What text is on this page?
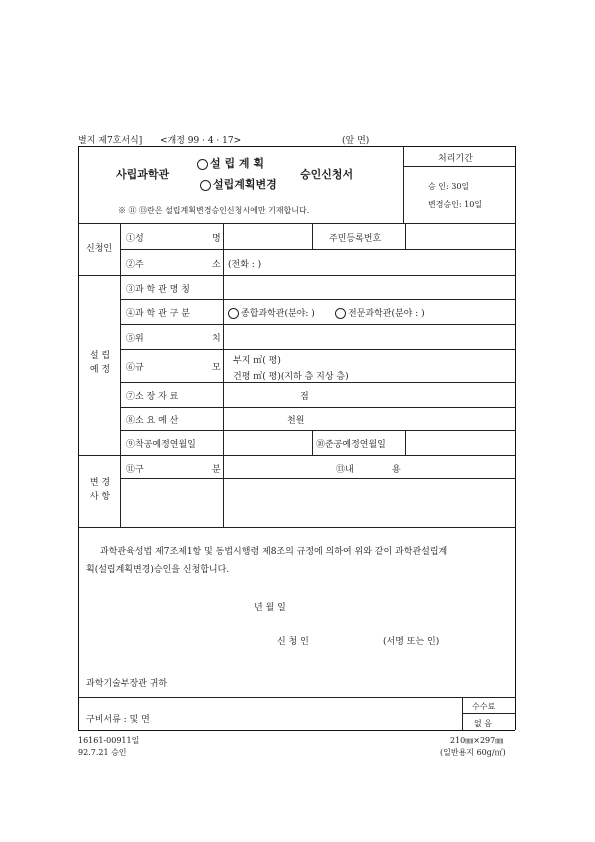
별지 제7호서식] <개정 99 · 4 · 17>	(앞 면)
사립과학관
설 립 계 획
설립계획변경
승인신청서
처리기간
승 인: 30일
변경승인: 10일
※ ⑪ ⑬란은 설립계획변경승인신청시에만 기재합니다.
신청인
①성	명	주민등록번호
②주	소 (전화 : )
설 립
예 정
③과 학 관 명 칭
④과 학 관 구 분	종합과학관(분야: )	전문과학관(분야 : )
⑤위	치
⑥규	모
부지 ㎡( 평)
건평 ㎡( 평)(지하 층 지상 층)
⑦소 장 자 료	점
⑧소 요 예 산	천원
⑨착공예정연월일	⑩준공예정연월일
변 경
사 항
⑪구	분	⑬내	용
과학관육성법 제7조제1항 및 동법시행령 제8조의 규정에 의하여 위와 같이 과학관설립계
획(설립계획변경)승인을 신청합니다.
년 월 일
신 청 인	(서명 또는 인)
과학기술부장관 귀하
구비서류 : 및 면
수수료
없 음
16161-00911일
92.7.21 승인
210㎜×297㎜
(일반용지 60g/㎡)
